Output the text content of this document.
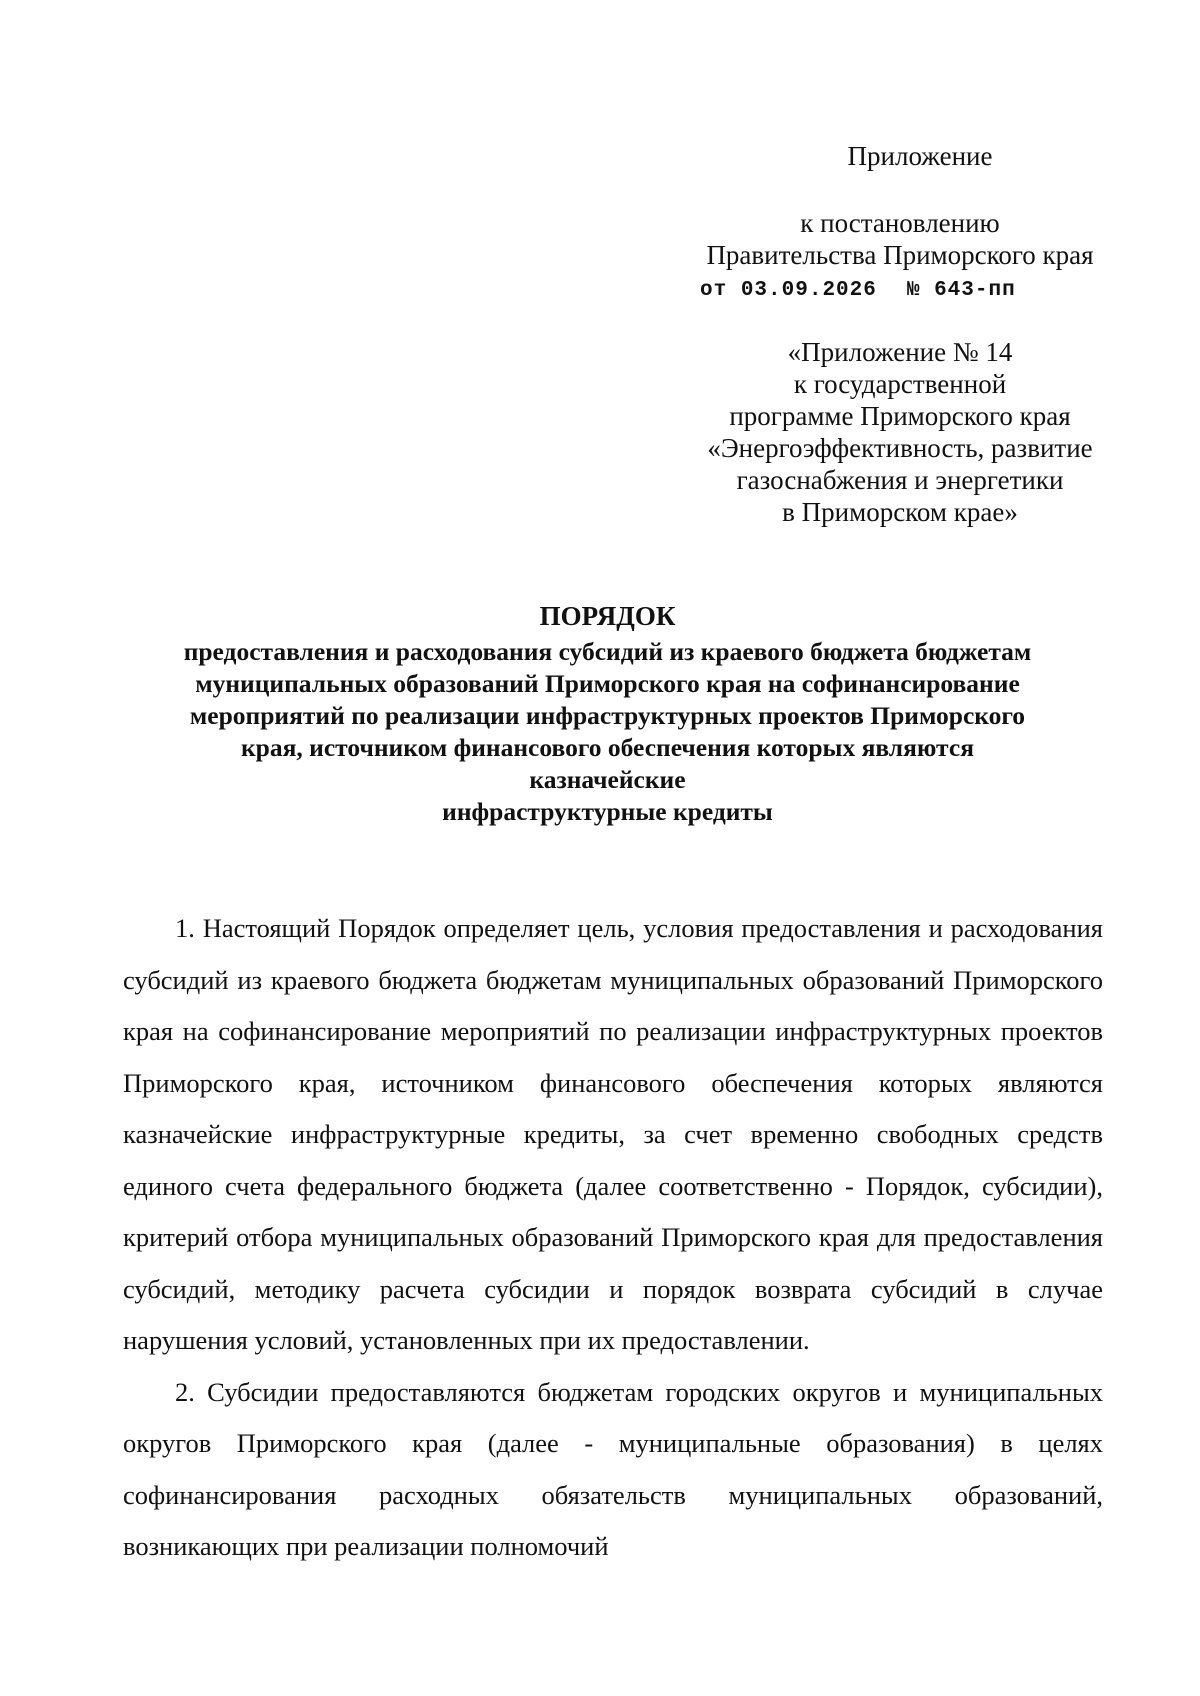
Приложение
к постановлению
Правительства Приморского края
от 03.09.2026 № 643-пп
«Приложение № 14
к государственной
программе Приморского края
«Энергоэффективность, развитие
газоснабжения и энергетики
в Приморском крае»
ПОРЯДОК
предоставления и расходования субсидий из краевого бюджета бюджетам
муниципальных образований Приморского края на софинансирование
мероприятий по реализации инфраструктурных проектов Приморского
края, источником финансового обеспечения которых являются
казначейские
инфраструктурные кредиты

1. Настоящий Порядок определяет цель, условия предоставления и расходования субсидий из краевого бюджета бюджетам муниципальных образований Приморского края на софинансирование мероприятий по реализации инфраструктурных проектов Приморского края, источником финансового обеспечения которых являются казначейские инфраструктурные кредиты, за счет временно свободных средств единого счета федерального бюджета (далее соответственно - Порядок, субсидии), критерий отбора муниципальных образований Приморского края для предоставления субсидий, методику расчета субсидии и порядок возврата субсидий в случае нарушения условий, установленных при их предоставлении.

2. Субсидии предоставляются бюджетам городских округов и муниципальных округов Приморского края (далее - муниципальные образования) в целях софинансирования расходных обязательств муниципальных образований, возникающих при реализации полномочий
